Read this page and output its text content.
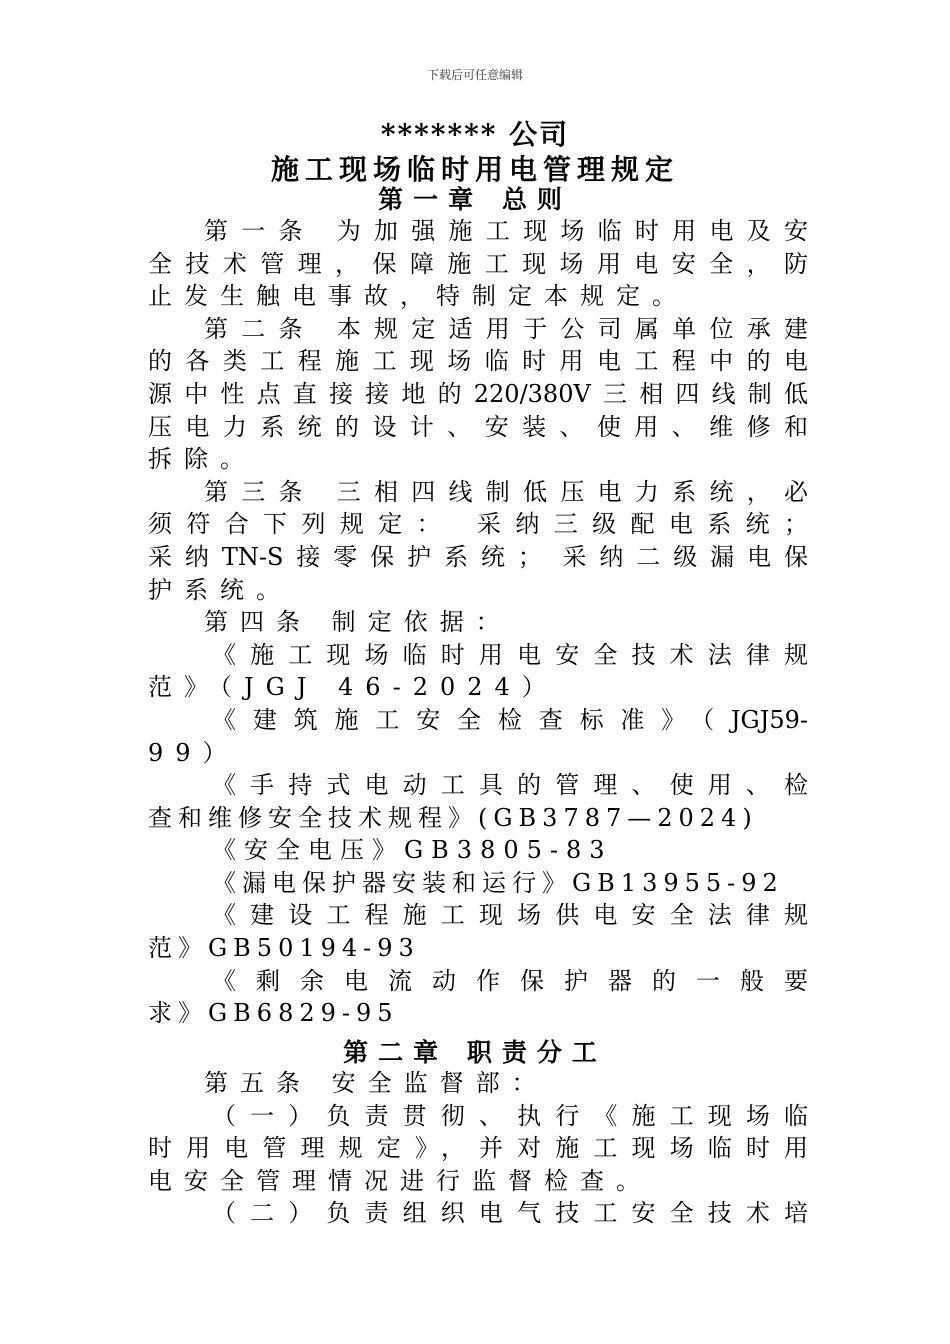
下载后可任意编辑
******* 公司
施工现场临时用电管理规定
第一章 总则
第一条 为加强施工现场临时用电及安
全技术管理，保障施工现场用电安全，防
止发生触电事故，特制定本规定。
第二条 本规定适用于公司属单位承建
的各类工程施工现场临时用电工程中的电
源中性点直接接地的220/380V三相四线制低
压电力系统的设计、安装、使用、维修和
拆除。
第三条 三相四线制低压电力系统，必
须符合下列规定： 采纳三级配电系统；
采纳TN-S接零保护系统； 采纳二级漏电保
护系统。
第四条 制定依据：
《施工现场临时用电安全技术法律规
范》（JGJ 46-2024）
《建筑施工安全检查标准》（JGJ59-
99）
《手持式电动工具的管理、使用、检
查和维修安全技术规程》(GB3787—2024)
《安全电压》GB3805-83
《漏电保护器安装和运行》GB13955-92
《建设工程施工现场供电安全法律规
范》GB50194-93
《剩余电流动作保护器的一般要
求》GB6829-95
第二章 职责分工
第五条 安全监督部：
（一）负责贯彻、执行《施工现场临
时用电管理规定》，并对施工现场临时用
电安全管理情况进行监督检查。
（二）负责组织电气技工安全技术培
